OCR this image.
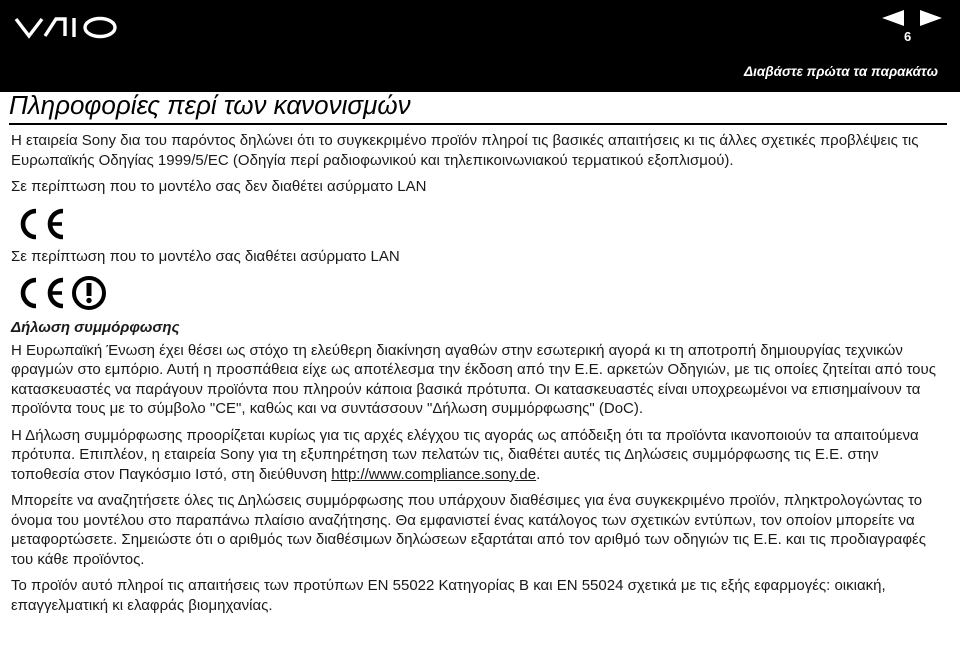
6
Διαβάστε πρώτα τα παρακάτω
Πληροφορίες περί των κανονισμών

Η εταιρεία Sony δια του παρόντος δηλώνει ότι το συγκεκριμένο προϊόν πληροί τις βασικές απαιτήσεις κι τις άλλες σχετικές προβλέψεις τις Ευρωπαϊκής Οδηγίας 1999/5/EC (Οδηγία περί ραδιοφωνικού και τηλεπικοινωνιακού τερματικού εξοπλισμού).

Σε περίπτωση που το μοντέλο σας δεν διαθέτει ασύρματο LAN

Σε περίπτωση που το μοντέλο σας διαθέτει ασύρματο LAN

Δήλωση συμμόρφωσης

Η Ευρωπαϊκή Ένωση έχει θέσει ως στόχο τη ελεύθερη διακίνηση αγαθών στην εσωτερική αγορά κι τη αποτροπή δημιουργίας τεχνικών φραγμών στο εμπόριο. Αυτή η προσπάθεια είχε ως αποτέλεσμα την έκδοση από την Ε.Ε. αρκετών Οδηγιών, με τις οποίες ζητείται από τους κατασκευαστές να παράγουν προϊόντα που πληρούν κάποια βασικά πρότυπα. Οι κατασκευαστές είναι υποχρεωμένοι να επισημαίνουν τα προϊόντα τους με το σύμβολο "CE", καθώς και να συντάσσουν "Δήλωση συμμόρφωσης" (DoC).

Η Δήλωση συμμόρφωσης προορίζεται κυρίως για τις αρχές ελέγχου τις αγοράς ως απόδειξη ότι τα προϊόντα ικανοποιούν τα απαιτούμενα πρότυπα. Επιπλέον, η εταιρεία Sony για τη εξυπηρέτηση των πελατών τις, διαθέτει αυτές τις Δηλώσεις συμμόρφωσης τις Ε.Ε. στην τοποθεσία στον Παγκόσμιο Ιστό, στη διεύθυνση http://www.compliance.sony.de.

Μπορείτε να αναζητήσετε όλες τις Δηλώσεις συμμόρφωσης που υπάρχουν διαθέσιμες για ένα συγκεκριμένο προϊόν, πληκτρολογώντας το όνομα του μοντέλου στο παραπάνω πλαίσιο αναζήτησης. Θα εμφανιστεί ένας κατάλογος των σχετικών εντύπων, τον οποίον μπορείτε να μεταφορτώσετε. Σημειώστε ότι ο αριθμός των διαθέσιμων δηλώσεων εξαρτάται από τον αριθμό των οδηγιών τις Ε.Ε. και τις προδιαγραφές του κάθε προϊόντος.

Το προϊόν αυτό πληροί τις απαιτήσεις των προτύπων EN 55022 Κατηγορίας B και EN 55024 σχετικά με τις εξής εφαρμογές: οικιακή, επαγγελματική κι ελαφράς βιομηχανίας.
